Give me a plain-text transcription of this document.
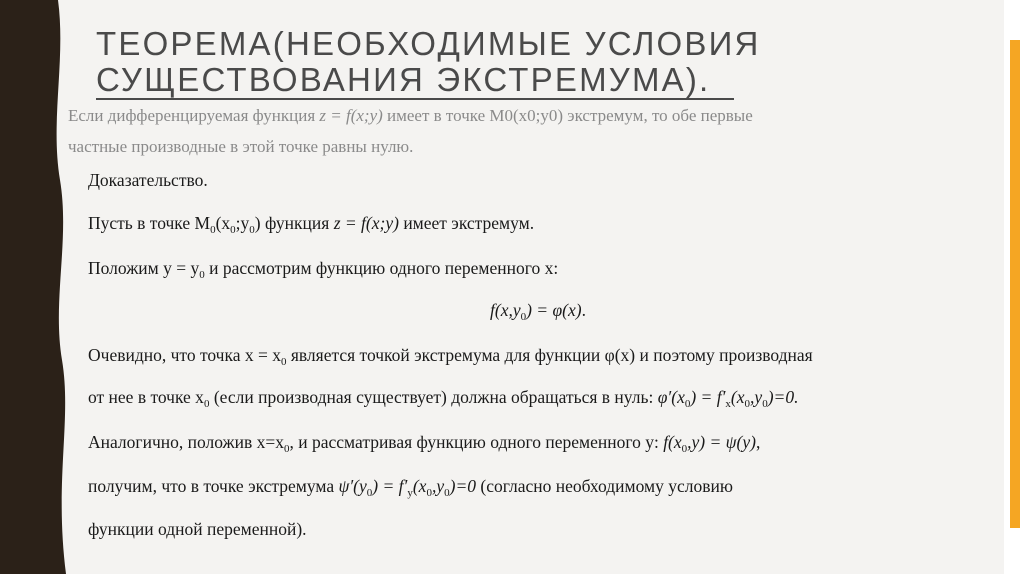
ТЕОРЕМА(НЕОБХОДИМЫЕ УСЛОВИЯ
СУЩЕСТВОВАНИЯ ЭКСТРЕМУМА).
Если дифференцируемая функция z = f(x;y) имеет в точке M0(x0;y0) экстремум, то обе первые
частные производные в этой точке равны нулю.
Доказательство.
Пусть в точке $M_0(x_0;y_0)$ функция z = f(x;y) имеет экстремум.
Положим $y = y_0$ и рассмотрим функцию одного переменного x:
$f(x,y_0) = \varphi(x)$.
Очевидно, что точка $x = x_0$ является точкой экстремума для функции φ(x) и поэтому производная
от нее в точке $x_0$ (если производная существует) должна обращаться в нуль: $\varphi'(x_0) = f'_x(x_0,y_0)=0$.
Аналогично, положив $x=x_0$, и рассматривая функцию одного переменного y: $f(x_0,y) = \psi(y)$,
получим, что в точке экстремума $\psi'(y_0) = f'_y(x_0,y_0)=0$ (согласно необходимому условию
функции одной переменной).
